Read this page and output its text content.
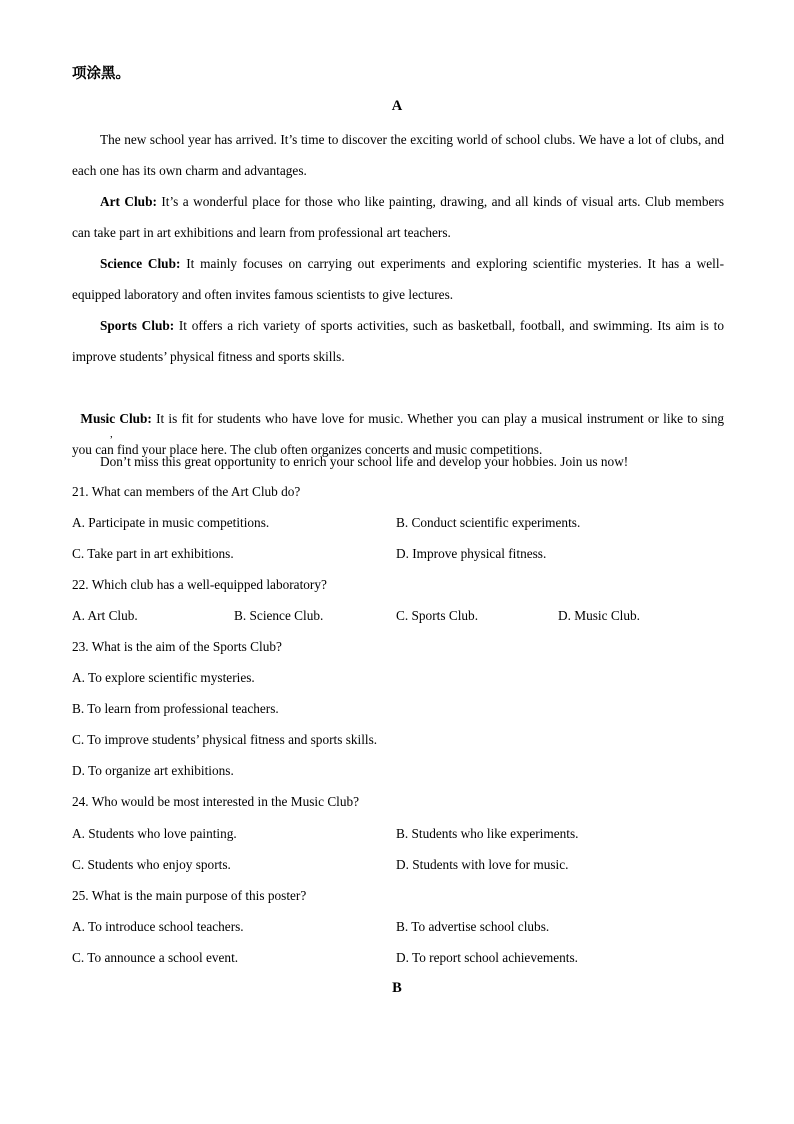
项涂黑。
A
The new school year has arrived. It’s time to discover the exciting world of school clubs. We have a lot of clubs, and each one has its own charm and advantages.
Art Club: It’s a wonderful place for those who like painting, drawing, and all kinds of visual arts. Club members can take part in art exhibitions and learn from professional art teachers.
Science Club: It mainly focuses on carrying out experiments and exploring scientific mysteries. It has a well-equipped laboratory and often invites famous scientists to give lectures.
Sports Club: It offers a rich variety of sports activities, such as basketball, football, and swimming. Its aim is to improve students’ physical fitness and sports skills.

Music Club: It is fit for students who have love for music. Whether you can play a musical instrument or like to sing   you can find your place here. The club often organizes concerts and music competitions.

,
Don’t miss this great opportunity to enrich your school life and develop your hobbies. Join us now!
21. What can members of the Art Club do?
A. Participate in music competitions.	B. Conduct scientific experiments.
C. Take part in art exhibitions.	D. Improve physical fitness.
22. Which club has a well-equipped laboratory?
A. Art Club.	B. Science Club.	C. Sports Club.	D. Music Club.
23. What is the aim of the Sports Club?
A. To explore scientific mysteries.
B. To learn from professional teachers.
C. To improve students’ physical fitness and sports skills.
D. To organize art exhibitions.
24. Who would be most interested in the Music Club?
A. Students who love painting.	B. Students who like experiments.
C. Students who enjoy sports.	D. Students with love for music.
25. What is the main purpose of this poster?
A. To introduce school teachers.	B. To advertise school clubs.
C. To announce a school event.	D. To report school achievements.
B
